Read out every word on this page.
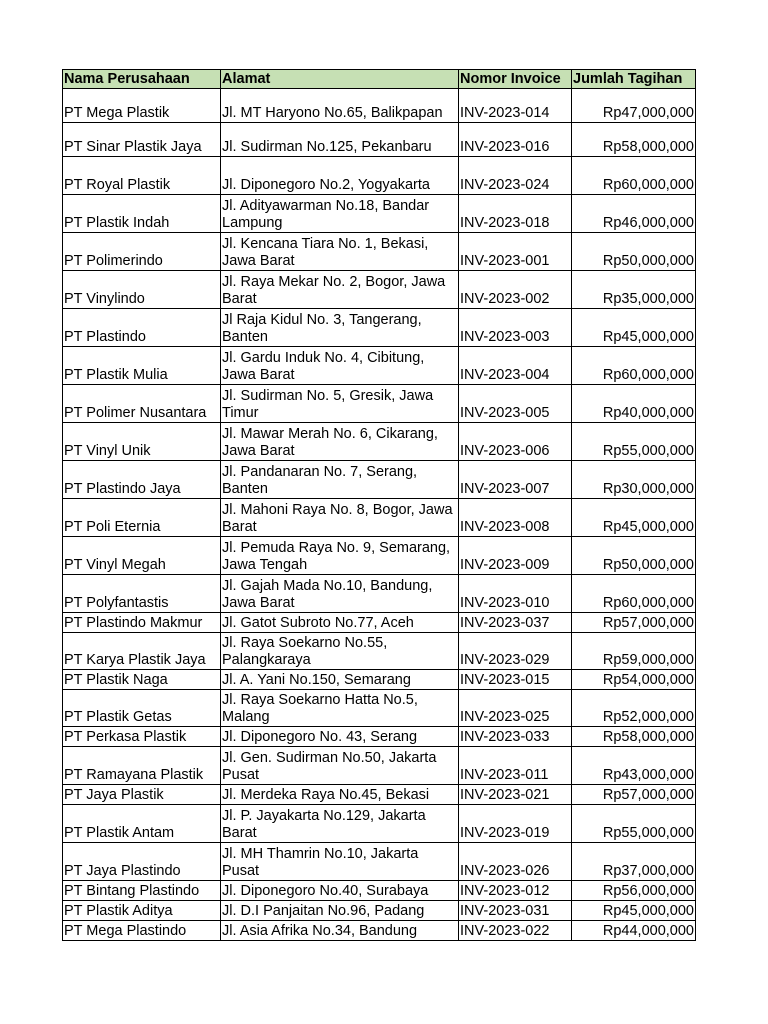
Nama Perusahaan	Alamat	Nomor Invoice	Jumlah Tagihan
PT Mega Plastik	Jl. MT Haryono No.65, Balikpapan	INV-2023-014	Rp47,000,000
PT Sinar Plastik Jaya	Jl. Sudirman No.125, Pekanbaru	INV-2023-016	Rp58,000,000
PT Royal Plastik	Jl. Diponegoro No.2, Yogyakarta	INV-2023-024	Rp60,000,000
PT Plastik Indah	Jl. Adityawarman No.18, Bandar Lampung	INV-2023-018	Rp46,000,000
PT Polimerindo	Jl. Kencana Tiara No. 1, Bekasi, Jawa Barat	INV-2023-001	Rp50,000,000
PT Vinylindo	Jl. Raya Mekar No. 2, Bogor, Jawa Barat	INV-2023-002	Rp35,000,000
PT Plastindo	Jl Raja Kidul No. 3, Tangerang, Banten	INV-2023-003	Rp45,000,000
PT Plastik Mulia	Jl. Gardu Induk No. 4, Cibitung, Jawa Barat	INV-2023-004	Rp60,000,000
PT Polimer Nusantara	Jl. Sudirman No. 5, Gresik, Jawa Timur	INV-2023-005	Rp40,000,000
PT Vinyl Unik	Jl. Mawar Merah No. 6, Cikarang, Jawa Barat	INV-2023-006	Rp55,000,000
PT Plastindo Jaya	Jl. Pandanaran No. 7, Serang, Banten	INV-2023-007	Rp30,000,000
PT Poli Eternia	Jl. Mahoni Raya No. 8, Bogor, Jawa Barat	INV-2023-008	Rp45,000,000
PT Vinyl Megah	Jl. Pemuda Raya No. 9, Semarang, Jawa Tengah	INV-2023-009	Rp50,000,000
PT Polyfantastis	Jl. Gajah Mada No.10, Bandung, Jawa Barat	INV-2023-010	Rp60,000,000
PT Plastindo Makmur	Jl. Gatot Subroto No.77, Aceh	INV-2023-037	Rp57,000,000
PT Karya Plastik Jaya	Jl. Raya Soekarno No.55, Palangkaraya	INV-2023-029	Rp59,000,000
PT Plastik Naga	Jl. A. Yani No.150, Semarang	INV-2023-015	Rp54,000,000
PT Plastik Getas	Jl. Raya Soekarno Hatta No.5, Malang	INV-2023-025	Rp52,000,000
PT Perkasa Plastik	Jl. Diponegoro No. 43, Serang	INV-2023-033	Rp58,000,000
PT Ramayana Plastik	Jl. Gen. Sudirman No.50, Jakarta Pusat	INV-2023-011	Rp43,000,000
PT Jaya Plastik	Jl. Merdeka Raya No.45, Bekasi	INV-2023-021	Rp57,000,000
PT Plastik Antam	Jl. P. Jayakarta No.129, Jakarta Barat	INV-2023-019	Rp55,000,000
PT Jaya Plastindo	Jl. MH Thamrin No.10, Jakarta Pusat	INV-2023-026	Rp37,000,000
PT Bintang Plastindo	Jl. Diponegoro No.40, Surabaya	INV-2023-012	Rp56,000,000
PT Plastik Aditya	Jl. D.I Panjaitan No.96, Padang	INV-2023-031	Rp45,000,000
PT Mega Plastindo	Jl. Asia Afrika No.34, Bandung	INV-2023-022	Rp44,000,000
